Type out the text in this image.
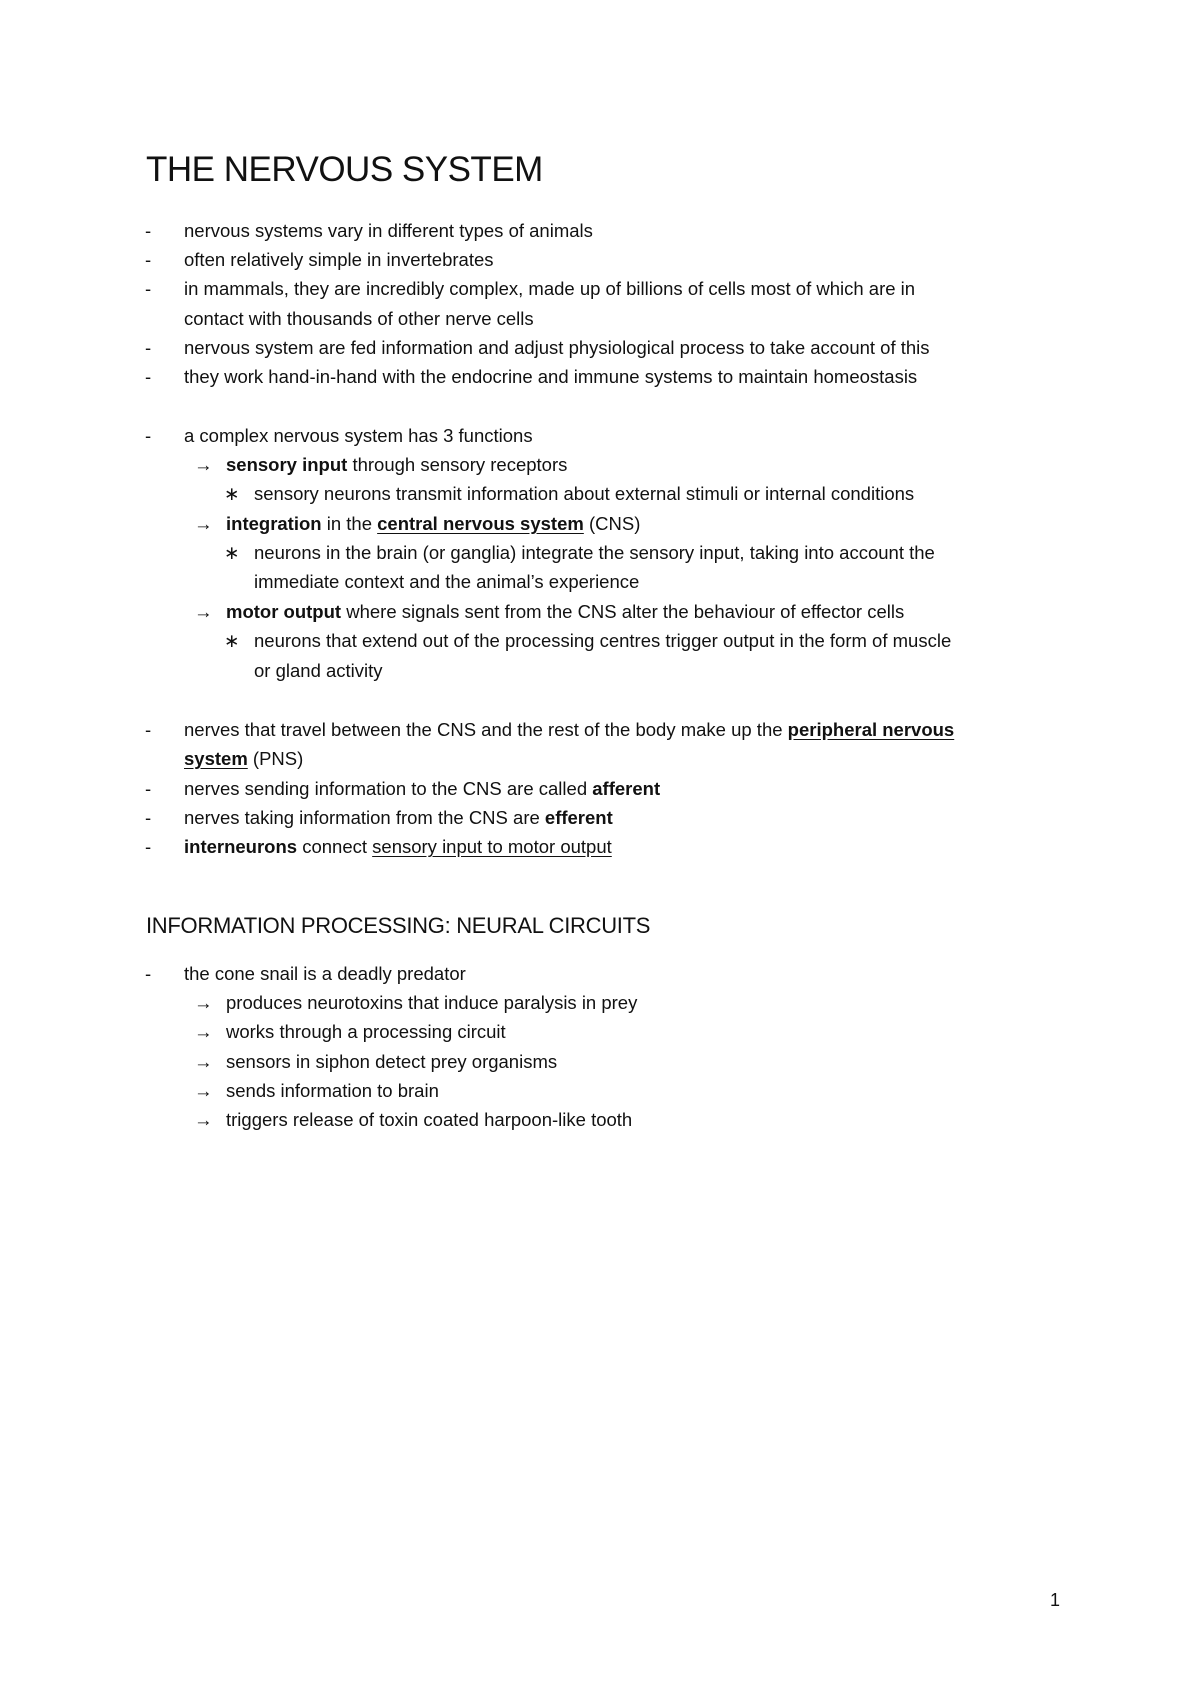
THE NERVOUS SYSTEM
- nervous systems vary in different types of animals
- often relatively simple in invertebrates
- in mammals, they are incredibly complex, made up of billions of cells most of which are in
contact with thousands of other nerve cells
- nervous system are fed information and adjust physiological process to take account of this
- they work hand-in-hand with the endocrine and immune systems to maintain homeostasis
- a complex nervous system has 3 functions
→ sensory input through sensory receptors
∗ sensory neurons transmit information about external stimuli or internal conditions
→ integration in the central nervous system (CNS)
∗ neurons in the brain (or ganglia) integrate the sensory input, taking into account the
immediate context and the animal’s experience
→ motor output where signals sent from the CNS alter the behaviour of effector cells
∗ neurons that extend out of the processing centres trigger output in the form of muscle
or gland activity
- nerves that travel between the CNS and the rest of the body make up the peripheral nervous
system (PNS)
- nerves sending information to the CNS are called afferent
- nerves taking information from the CNS are efferent
- interneurons connect sensory input to motor output
INFORMATION PROCESSING: NEURAL CIRCUITS
- the cone snail is a deadly predator
→ produces neurotoxins that induce paralysis in prey
→ works through a processing circuit
→ sensors in siphon detect prey organisms
→ sends information to brain
→ triggers release of toxin coated harpoon-like tooth
1
